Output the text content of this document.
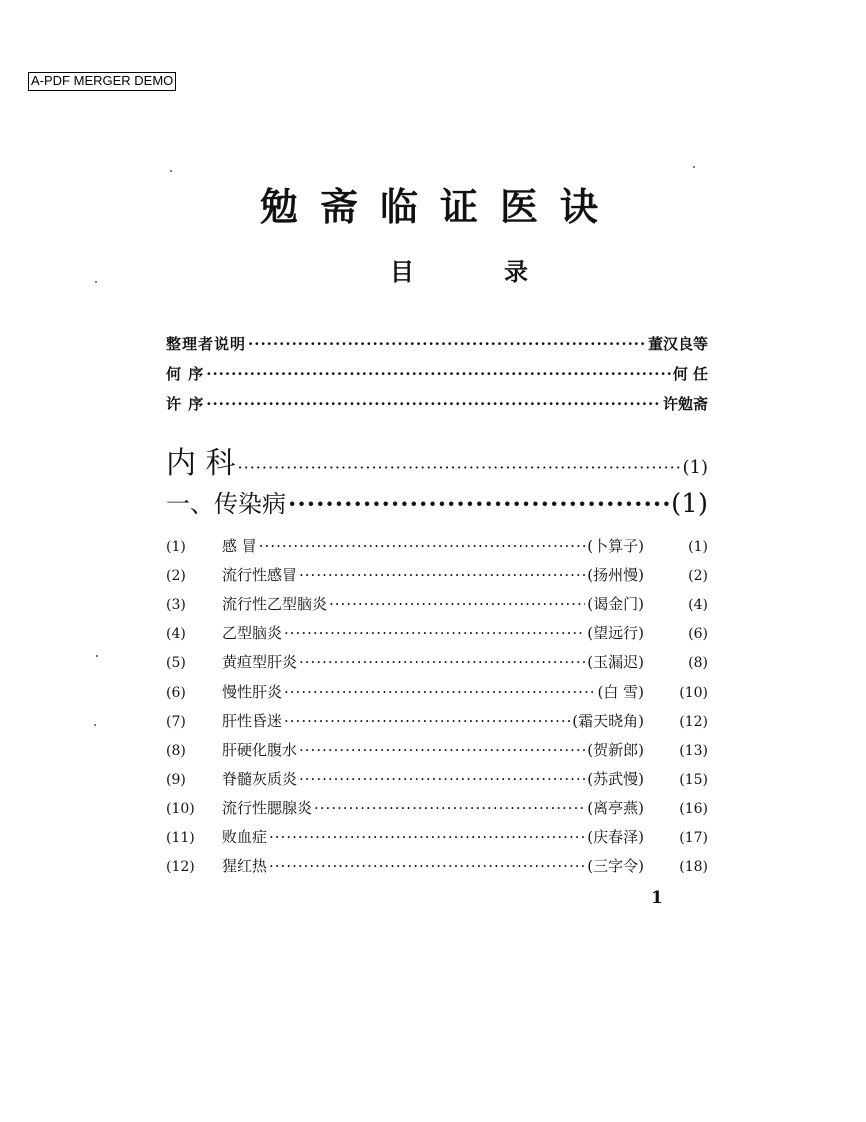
A-PDF MERGER DEMO
勉斋临证医诀
目录
整理者说明 ·····	董汉良等
何 序 ·····	何 任
许 序 ·····	许勉斋
内 科 ·····	(1)
一、传染病 ·····	(1)
(1)	感 冒 ·····	(卜算子)	(1)
(2)	流行性感冒 ·····	(扬州慢)	(2)
(3)	流行性乙型脑炎 ·····	(谒金门)	(4)
(4)	乙型脑炎 ·····	(望远行)	(6)
(5)	黄疸型肝炎 ·····	(玉漏迟)	(8)
(6)	慢性肝炎 ·····	(白 雪)	(10)
(7)	肝性昏迷 ·····	(霜天晓角)	(12)
(8)	肝硬化腹水 ·····	(贺新郎)	(13)
(9)	脊髓灰质炎 ·····	(苏武慢)	(15)
(10)	流行性腮腺炎 ·····	(离亭燕)	(16)
(11)	败血症 ·····	(庆春泽)	(17)
(12)	猩红热 ·····	(三字令)	(18)
1
